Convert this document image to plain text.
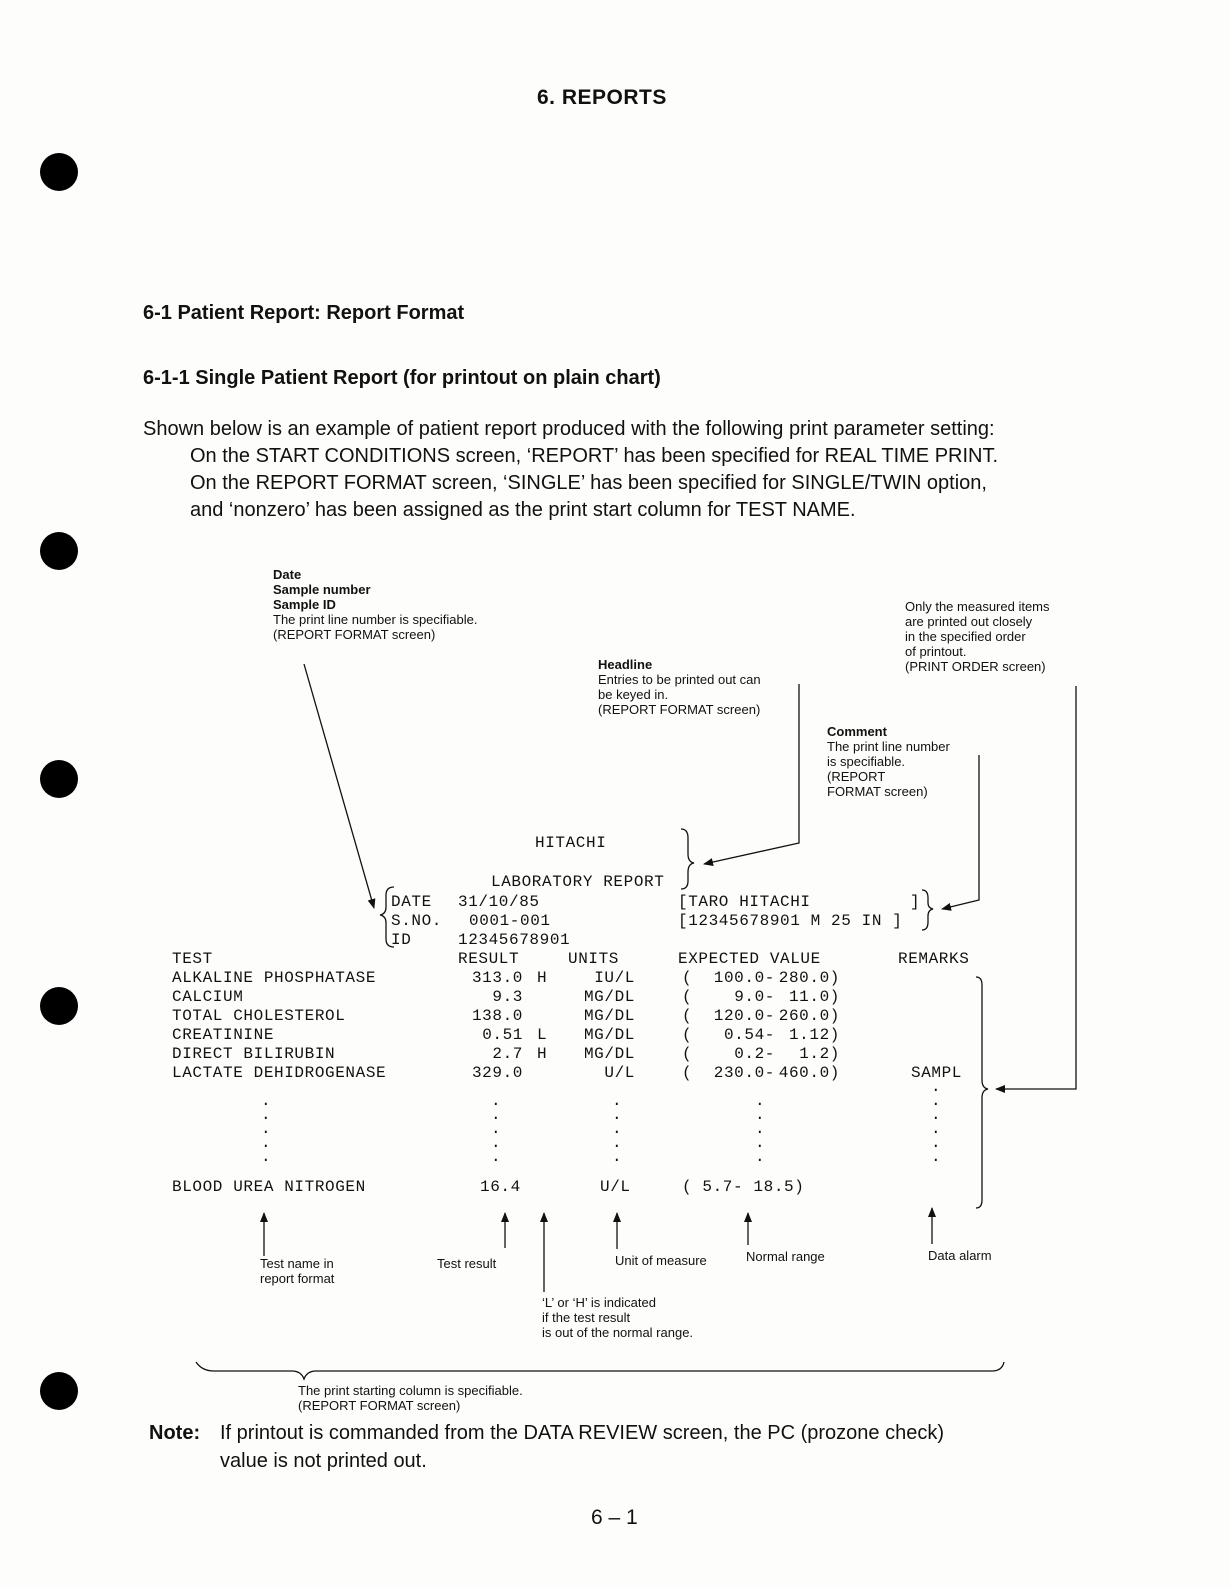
6. REPORTS
6-1 Patient Report: Report Format
6-1-1 Single Patient Report (for printout on plain chart)
Shown below is an example of patient report produced with the following print parameter setting:
On the START CONDITIONS screen, ‘REPORT’ has been specified for REAL TIME PRINT.
On the REPORT FORMAT screen, ‘SINGLE’ has been specified for SINGLE/TWIN option,
and ‘nonzero’ has been assigned as the print start column for TEST NAME.
Date
Sample number
Sample ID
The print line number is specifiable.
(REPORT FORMAT screen)
Headline
Entries to be printed out can
be keyed in.
(REPORT FORMAT screen)
Comment
The print line number
is specifiable.
(REPORT
FORMAT screen)
Only the measured items
are printed out closely
in the specified order
of printout.
(PRINT ORDER screen)
HITACHI
LABORATORY REPORT
DATE 31/10/85
S.NO. 0001-001
ID	12345678901
[TARO HITACHI	]
[12345678901 M 25 IN ]
TEST	RESULT	UNITS	EXPECTED VALUE	REMARKS
ALKALINE PHOSPHATASE	313.0 H	IU/L	( 100.0- 280.0)
CALCIUM	9.3	MG/DL	(	9.0- 11.0)
TOTAL CHOLESTEROL	138.0	MG/DL	( 120.0- 260.0)
CREATININE	0.51 L MG/DL	( 0.54- 1.12)
DIRECT BILIRUBIN	2.7 H MG/DL	(	0.2- 1.2)
LACTATE DEHIDROGENASE	329.0	U/L	( 230.0- 460.0)	SAMPL
.
.
.
.
.
.
.
.
.
.
.
.
.
.
.
.
.
.
.
.
.
.
.
.
.
.
BLOOD UREA NITROGEN	16.4	U/L	( 5.7- 18.5)
Test name in
report format
Test result	Unit of measure	Normal range	Data alarm
‘L’ or ‘H’ is indicated
if the test result
is out of the normal range.
The print starting column is specifiable.
(REPORT FORMAT screen)
Note: If printout is commanded from the DATA REVIEW screen, the PC (prozone check)
value is not printed out.
6 – 1
